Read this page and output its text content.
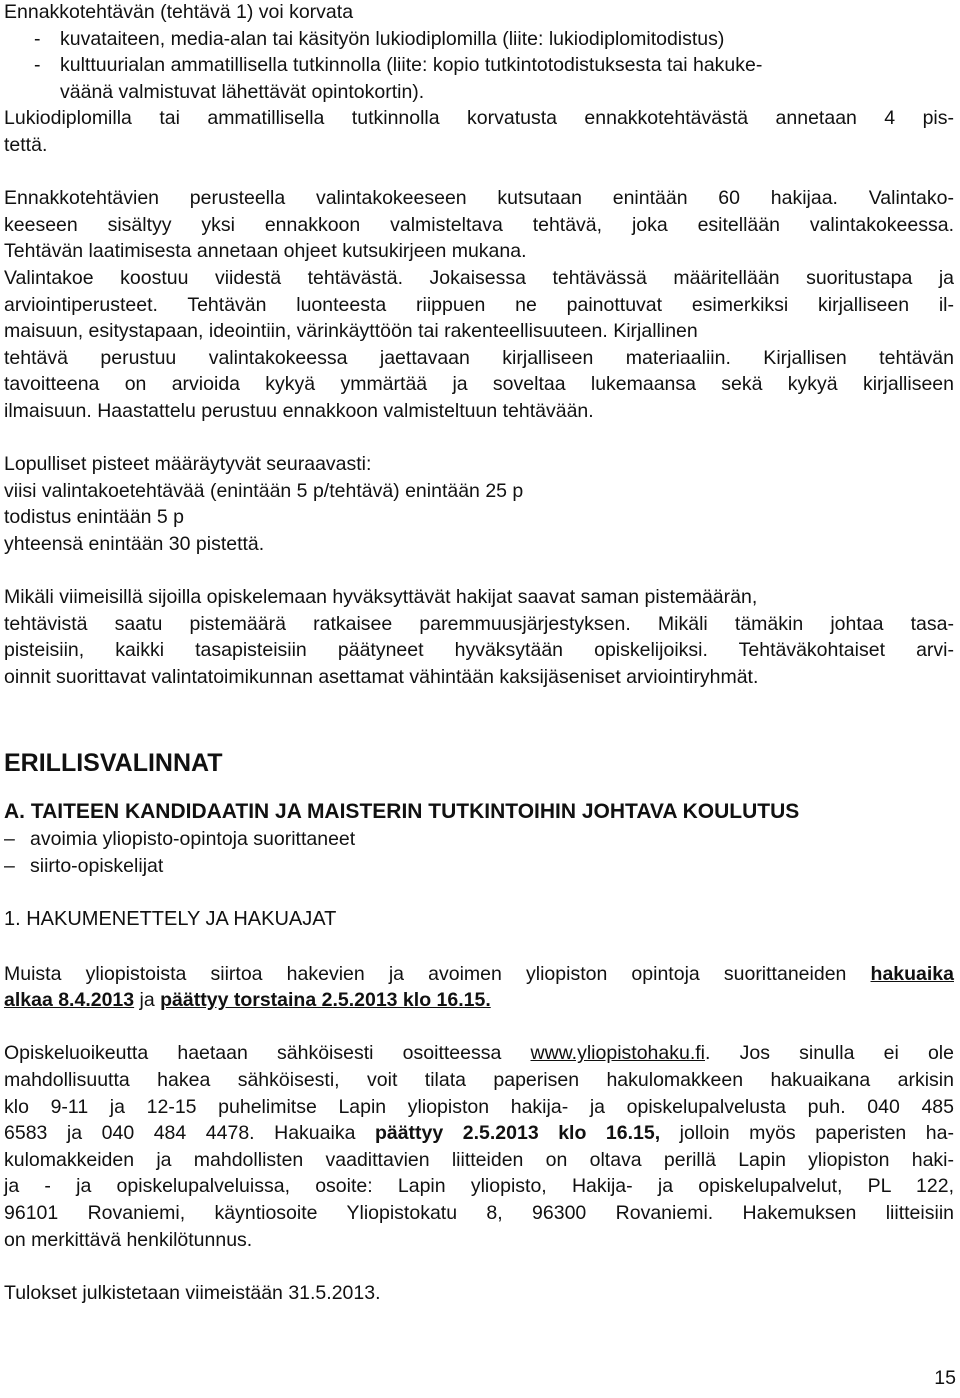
Ennakkotehtävän (tehtävä 1) voi korvata

-	kuvataiteen, media-alan tai käsityön lukiodiplomilla (liite: lukiodiplomitodistus)
-	kulttuurialan ammatillisella tutkinnolla (liite: kopio tutkintotodistuksesta tai hakuke-
väänä valmistuvat lähettävät opintokortin).

Lukiodiplomilla tai ammatillisella tutkinnolla korvatusta ennakkotehtävästä annetaan 4 pis-

tettä.

Ennakkotehtävien perusteella valintakokeeseen kutsutaan enintään 60 hakijaa. Valintako-

keeseen sisältyy yksi ennakkoon valmisteltava tehtävä, joka esitellään valintakokeessa.

Tehtävän laatimisesta annetaan ohjeet kutsukirjeen mukana.

Valintakoe koostuu viidestä tehtävästä. Jokaisessa tehtävässä määritellään suoritustapa ja

arviointiperusteet. Tehtävän luonteesta riippuen ne painottuvat esimerkiksi kirjalliseen il-

maisuun, esitystapaan, ideointiin, värinkäyttöön tai rakenteellisuuteen. Kirjallinen

tehtävä perustuu valintakokeessa jaettavaan kirjalliseen materiaaliin. Kirjallisen tehtävän

tavoitteena on arvioida kykyä ymmärtää ja soveltaa lukemaansa sekä kykyä kirjalliseen

ilmaisuun. Haastattelu perustuu ennakkoon valmisteltuun tehtävään.

Lopulliset pisteet määräytyvät seuraavasti:

viisi valintakoetehtävää (enintään 5 p/tehtävä) enintään 25 p

todistus enintään 5 p

yhteensä enintään 30 pistettä.

Mikäli viimeisillä sijoilla opiskelemaan hyväksyttävät hakijat saavat saman pistemäärän,

tehtävistä saatu pistemäärä ratkaisee paremmuusjärjestyksen. Mikäli tämäkin johtaa tasa-

pisteisiin, kaikki tasapisteisiin päätyneet hyväksytään opiskelijoiksi. Tehtäväkohtaiset arvi-

oinnit suorittavat valintatoimikunnan asettamat vähintään kaksijäseniset arviointiryhmät.

ERILLISVALINNAT
A. TAITEEN KANDIDAATIN JA MAISTERIN TUTKINTOIHIN JOHTAVA KOULUTUS
– avoimia yliopisto-opintoja suorittaneet
– siirto-opiskelijat
1. HAKUMENETTELY JA HAKUAJAT

Muista yliopistoista siirtoa hakevien ja avoimen yliopiston opintoja suorittaneiden hakuaika

alkaa 8.4.2013 ja päättyy torstaina 2.5.2013 klo 16.15.

Opiskeluoikeutta haetaan sähköisesti osoitteessa www.yliopistohaku.fi. Jos sinulla ei ole

mahdollisuutta hakea sähköisesti, voit tilata paperisen hakulomakkeen hakuaikana arkisin

klo 9-11 ja 12-15 puhelimitse Lapin yliopiston hakija- ja opiskelupalvelusta puh. 040 485

6583 ja 040 484 4478. Hakuaika päättyy 2.5.2013 klo 16.15, jolloin myös paperisten ha-

kulomakkeiden ja mahdollisten vaadittavien liitteiden on oltava perillä Lapin yliopiston haki-

ja - ja opiskelupalveluissa, osoite: Lapin yliopisto, Hakija- ja opiskelupalvelut, PL 122,

96101 Rovaniemi, käyntiosoite Yliopistokatu 8, 96300 Rovaniemi. Hakemuksen liitteisiin

on merkittävä henkilötunnus.

Tulokset julkistetaan viimeistään 31.5.2013.

15
